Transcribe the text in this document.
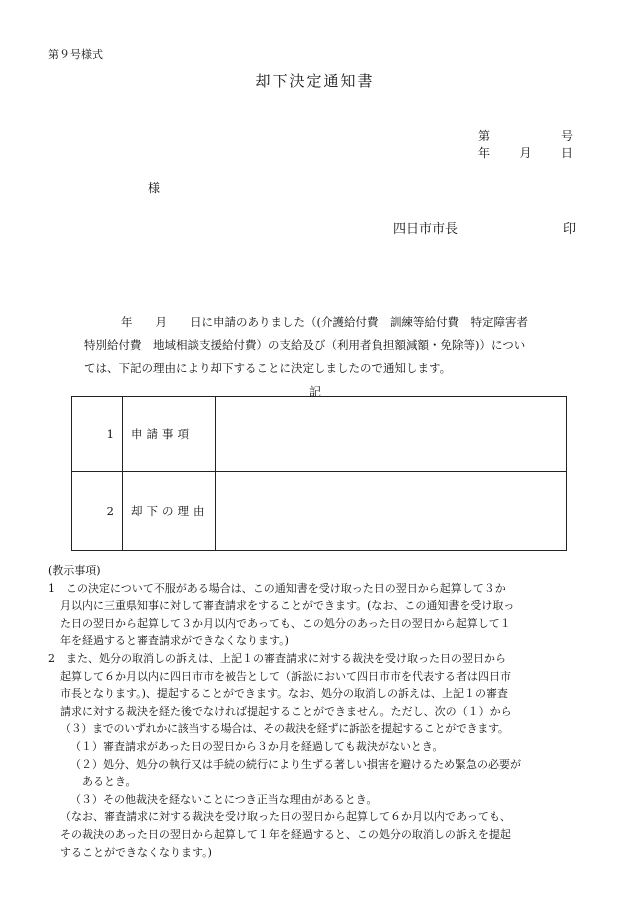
第９号様式
却下決定通知書
第	号
年 月 日
様
四日市市長	印
年　　月　　日に申請のありました（(介護給付費　訓練等給付費　特定障害者
特別給付費　地域相談支援給付費）の支給及び（利用者負担額減額・免除等)）につい
ては、下記の理由により却下することに決定しましたので通知します。
記
1	申請事項	
2	却下の理由	
(教示事項)
1　この決定について不服がある場合は、この通知書を受け取った日の翌日から起算して３か
月以内に三重県知事に対して審査請求をすることができます。(なお、この通知書を受け取っ
た日の翌日から起算して３か月以内であっても、この処分のあった日の翌日から起算して１
年を経過すると審査請求ができなくなります。)
2　また、処分の取消しの訴えは、上記１の審査請求に対する裁決を受け取った日の翌日から
起算して６か月以内に四日市市を被告として（訴訟において四日市市を代表する者は四日市
市長となります。)、提起することができます。なお、処分の取消しの訴えは、上記１の審査
請求に対する裁決を経た後でなければ提起することができません。ただし、次の（１）から
（３）までのいずれかに該当する場合は、その裁決を経ずに訴訟を提起することができます。
（１）審査請求があった日の翌日から３か月を経過しても裁決がないとき。
（２）処分、処分の執行又は手続の続行により生ずる著しい損害を避けるため緊急の必要が
あるとき。
（３）その他裁決を経ないことにつき正当な理由があるとき。
（なお、審査請求に対する裁決を受け取った日の翌日から起算して６か月以内であっても、
その裁決のあった日の翌日から起算して１年を経過すると、この処分の取消しの訴えを提起
することができなくなります。)
